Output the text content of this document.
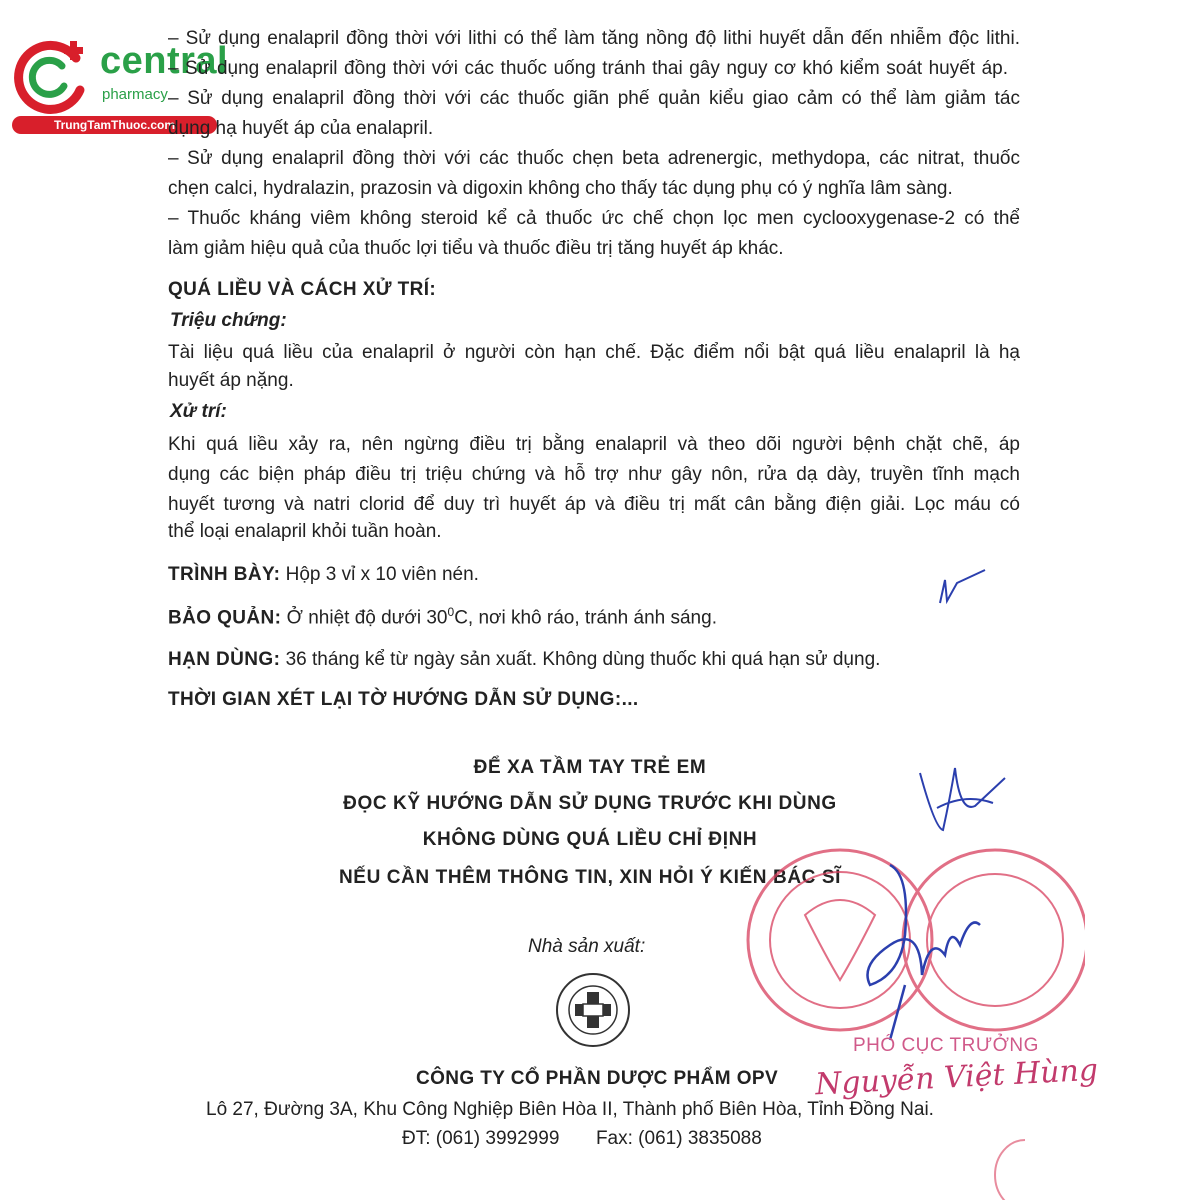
central
pharmacy
TrungTamThuoc.com
– Sử dụng enalapril đồng thời với lithi có thể làm tăng nồng độ lithi huyết dẫn đến nhiễm độc lithi.
– Sử dụng enalapril đồng thời với các thuốc uống tránh thai gây nguy cơ khó kiểm soát huyết áp.
– Sử dụng enalapril đồng thời với các thuốc giãn phế quản kiểu giao cảm có thể làm giảm tác
dụng hạ huyết áp của enalapril.
– Sử dụng enalapril đồng thời với các thuốc chẹn beta adrenergic, methydopa, các nitrat, thuốc
chẹn calci, hydralazin, prazosin và digoxin không cho thấy tác dụng phụ có ý nghĩa lâm sàng.
– Thuốc kháng viêm không steroid kể cả thuốc ức chế chọn lọc men cyclooxygenase-2 có thể
làm giảm hiệu quả của thuốc lợi tiểu và thuốc điều trị tăng huyết áp khác.
QUÁ LIỀU VÀ CÁCH XỬ TRÍ:
Triệu chứng:
Tài liệu quá liều của enalapril ở người còn hạn chế. Đặc điểm nổi bật quá liều enalapril là hạ
huyết áp nặng.
Xử trí:
Khi quá liều xảy ra, nên ngừng điều trị bằng enalapril và theo dõi người bệnh chặt chẽ, áp
dụng các biện pháp điều trị triệu chứng và hỗ trợ như gây nôn, rửa dạ dày, truyền tĩnh mạch
huyết tương và natri clorid để duy trì huyết áp và điều trị mất cân bằng điện giải. Lọc máu có
thể loại enalapril khỏi tuần hoàn.
TRÌNH BÀY: Hộp 3 vỉ x 10 viên nén.
BẢO QUẢN: Ở nhiệt độ dưới $30^0C$, nơi khô ráo, tránh ánh sáng.
HẠN DÙNG: 36 tháng kể từ ngày sản xuất. Không dùng thuốc khi quá hạn sử dụng.
THỜI GIAN XÉT LẠI TỜ HƯỚNG DẪN SỬ DỤNG:...
ĐỂ XA TẦM TAY TRẺ EM
ĐỌC KỸ HƯỚNG DẪN SỬ DỤNG TRƯỚC KHI DÙNG
KHÔNG DÙNG QUÁ LIỀU CHỈ ĐỊNH
NẾU CẦN THÊM THÔNG TIN, XIN HỎI Ý KIẾN BÁC SĨ
Nhà sản xuất:
CÔNG TY CỔ PHẦN DƯỢC PHẨM OPV
Lô 27, Đường 3A, Khu Công Nghiệp Biên Hòa II, Thành phố Biên Hòa, Tỉnh Đồng Nai.
ĐT: (061) 3992999 Fax: (061) 3835088
PHÓ CỤC TRƯỞNG
Nguyễn Việt Hùng
